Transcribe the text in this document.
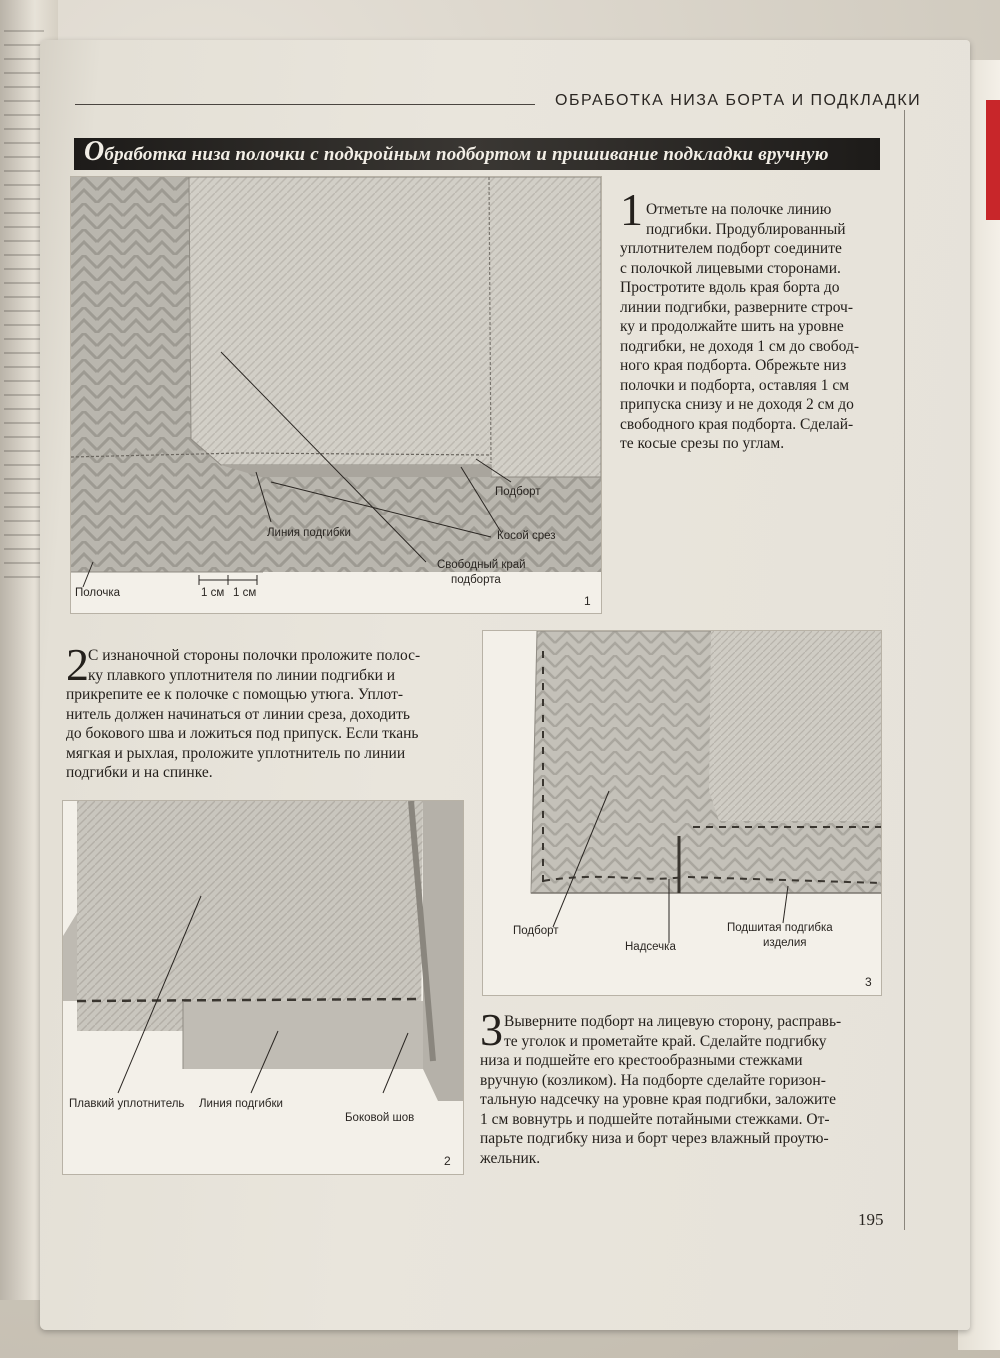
ОБРАБОТКА НИЗА БОРТА И ПОДКЛАДКИ
Обработка низа полочки с подкройным подбортом и пришивание подкладки вручную
Подборт
Косой срез
Линия подгибки
Свободный край
подборта
Полочка	1 см 1 см
1
1 Отметьте на полочке линию
подгибки. Продублированный
уплотнителем подборт соедините
с полочкой лицевыми сторонами.
Простротите вдоль края борта до
линии подгибки, разверните строч-
ку и продолжайте шить на уровне
подгибки, не доходя 1 см до свобод-
ного края подборта. Обрежьте низ
полочки и подборта, оставляя 1 см
припуска снизу и не доходя 2 см до
свободного края подборта. Сделай-
те косые срезы по углам.
2 С изнаночной стороны полочки проложите полос-
ку плавкого уплотнителя по линии подгибки и
прикрепите ее к полочке с помощью утюга. Уплот-
нитель должен начинаться от линии среза, доходить
до бокового шва и ложиться под припуск. Если ткань
мягкая и рыхлая, проложите уплотнитель по линии
подгибки и на спинке.
Подборт
Надсечка
Подшитая подгибка
изделия
3
Плавкий уплотнитель Линия подгибки
Боковой шов
2
3 Выверните подборт на лицевую сторону, расправь-
те уголок и прометайте край. Сделайте подгибку
низа и подшейте его крестообразными стежками
вручную (козликом). На подборте сделайте горизон-
тальную надсечку на уровне края подгибки, заложите
1 см вовнутрь и подшейте потайными стежками. От-
парьте подгибку низа и борт через влажный проутю-
жельник.
195
